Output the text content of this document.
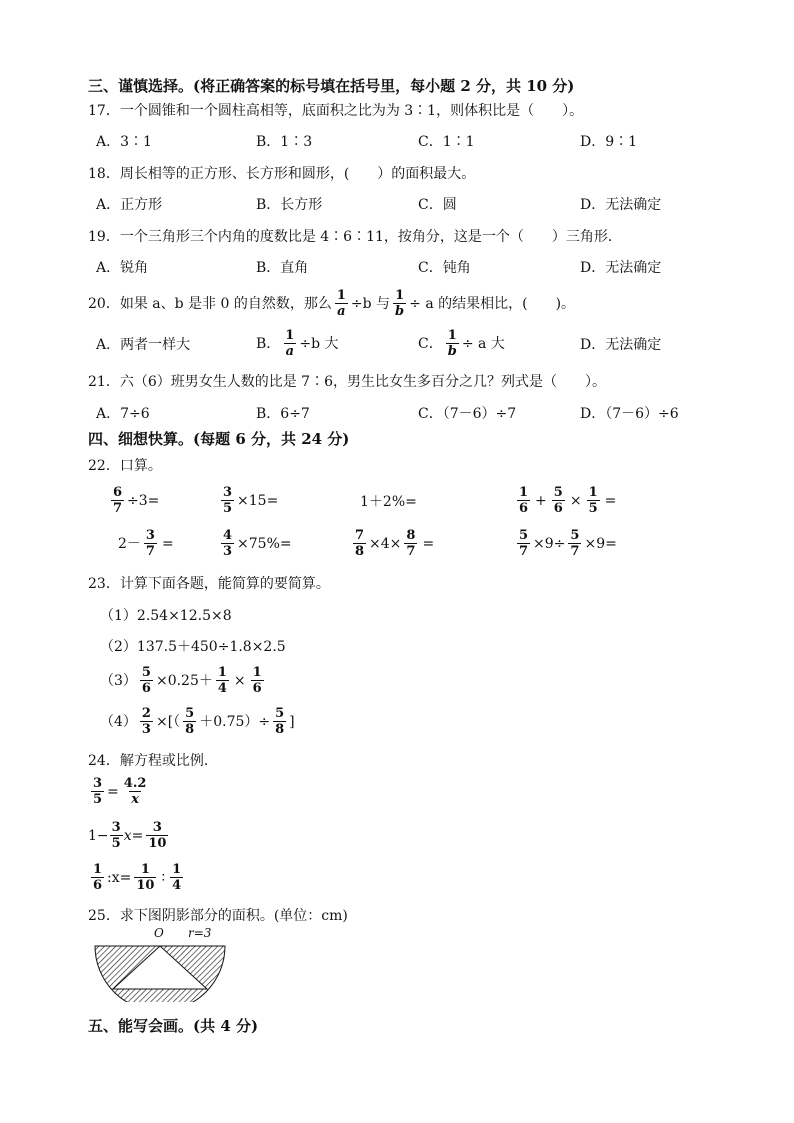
三、谨慎选择。(将正确答案的标号填在括号里，每小题 2 分，共 10 分)
17．一个圆锥和一个圆柱高相等，底面积之比为为 3∶1，则体积比是（　　）。
A．3∶1	B．1∶3	C．1∶1	D．9∶1
18．周长相等的正方形、长方形和圆形，(　　）的面积最大。
A．正方形	B．长方形	C．圆	D．无法确定
19．一个三角形三个内角的度数比是 4∶6∶11，按角分，这是一个（　　）三角形．
A．锐角	B．直角	C．钝角	D．无法确定
20．如果 a、b 是非 0 的自然数，那么 $\frac{1}{a} \div b$ 与 $\frac{1}{b} \div a$ 的结果相比，(　　)。
A．两者一样大	B． $\frac{1}{a} \div b$ 大	C． $\frac{1}{b} \div a$ 大	D．无法确定
21．六（6）班男女生人数的比是 7∶6，男生比女生多百分之几？列式是（　　）。
A．7÷6	B．6÷7	C．（7－6）÷7	D．（7－6）÷6
四、细想快算。(每题 6 分，共 24 分)
22．口算。
$\frac{6}{7} \div 3=$	$\frac{3}{5} \times 15=$	1＋2%=	$\frac{1}{6} + \frac{5}{6} \times \frac{1}{5}$ =
$2- \frac{3}{7}$ =	$\frac{4}{3} \times 75\%=$	$\frac{7}{8} \times 4\times \frac{8}{7}$ =	$\frac{5}{7} \times 9\div \frac{5}{7} \times 9=$
23．计算下面各题，能简算的要简算。
（1）2.54×12.5×8
（2）137.5＋450÷1.8×2.5
$(3) \frac{5}{6} \times 0.25+ \frac{1}{4} \times \frac{1}{6}$
$(4) \frac{2}{3}$ ×[（ $\frac{5}{8} +0.75)\div \frac{5}{8}$ ]
24．解方程或比例．
$\frac{3}{5} = \frac{4.2}{x}$
$1- \frac{3}{5}$ $x = \frac{3}{10}$
$\frac{1}{6}$ :x= $\frac{1}{10}$ ∶ $\frac{1}{4}$
25．求下图阴影部分的面积。(单位：cm)
O r=3
五、能写会画。(共 4 分)
